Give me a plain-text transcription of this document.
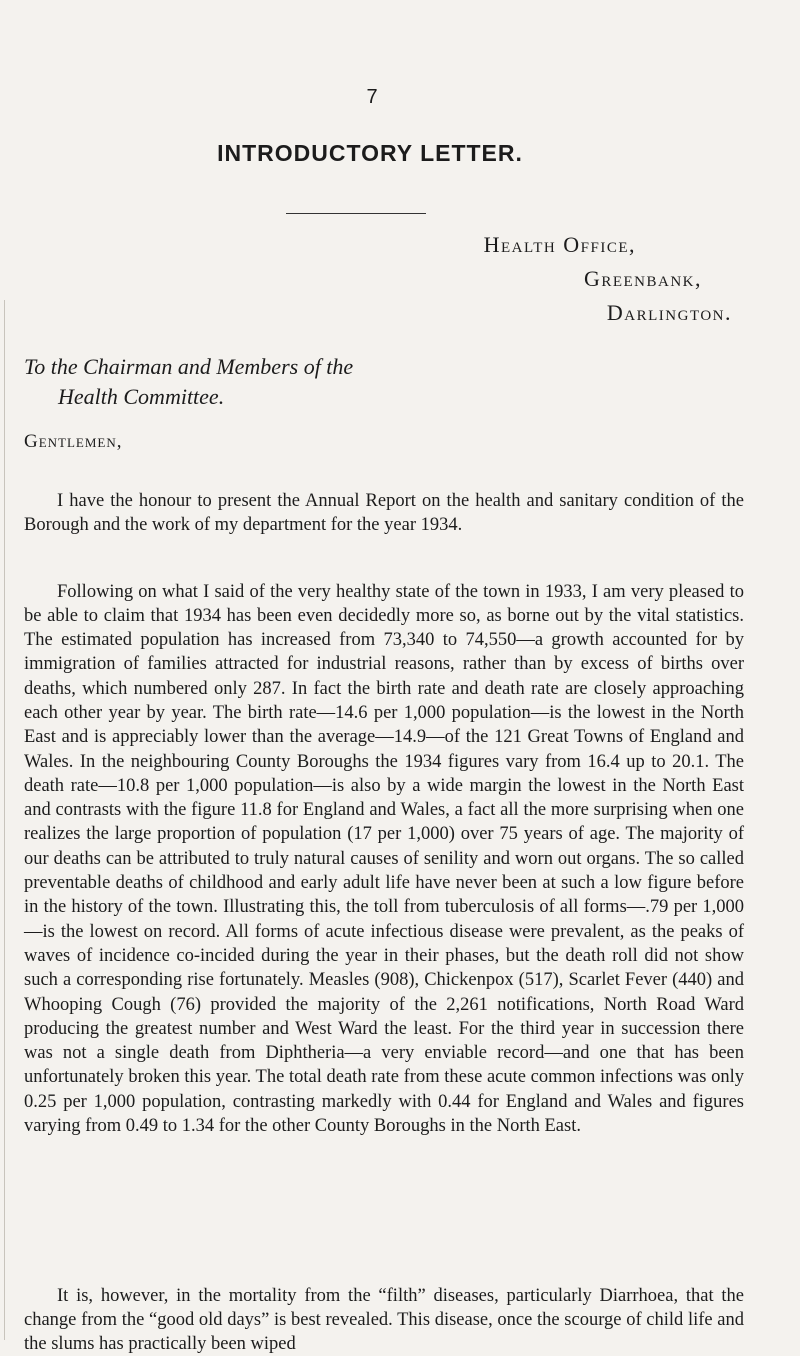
7
INTRODUCTORY LETTER.
Health Office,
Greenbank,
Darlington.
To the Chairman and Members of the
Health Committee.
Gentlemen,

I have the honour to present the Annual Report on the health and sanitary condition of the Borough and the work of my department for the year 1934.

Following on what I said of the very healthy state of the town in 1933, I am very pleased to be able to claim that 1934 has been even decidedly more so, as borne out by the vital statistics. The estimated population has increased from 73,340 to 74,550—a growth accounted for by immigration of families attracted for industrial reasons, rather than by excess of births over deaths, which numbered only 287. In fact the birth rate and death rate are closely approaching each other year by year. The birth rate—14.6 per 1,000 population—is the lowest in the North East and is appreciably lower than the average—14.9—of the 121 Great Towns of England and Wales. In the neighbouring County Boroughs the 1934 figures vary from 16.4 up to 20.1. The death rate—10.8 per 1,000 population—is also by a wide margin the lowest in the North East and contrasts with the figure 11.8 for England and Wales, a fact all the more surprising when one realizes the large proportion of population (17 per 1,000) over 75 years of age. The majority of our deaths can be attributed to truly natural causes of senility and worn out organs. The so called preventable deaths of childhood and early adult life have never been at such a low figure before in the history of the town. Illustrating this, the toll from tuberculosis of all forms—.79 per 1,000—is the lowest on record. All forms of acute infectious disease were prevalent, as the peaks of waves of incidence co-incided during the year in their phases, but the death roll did not show such a corresponding rise fortunately. Measles (908), Chickenpox (517), Scarlet Fever (440) and Whooping Cough (76) provided the majority of the 2,261 notifications, North Road Ward producing the greatest number and West Ward the least. For the third year in succession there was not a single death from Diphtheria—a very enviable record—and one that has been unfortunately broken this year. The total death rate from these acute common infections was only 0.25 per 1,000 population, contrasting markedly with 0.44 for England and Wales and figures varying from 0.49 to 1.34 for the other County Boroughs in the North East.

It is, however, in the mortality from the “filth” diseases, particularly Diarrhoea, that the change from the “good old days” is best revealed. This disease, once the scourge of child life and the slums has practically been wiped
